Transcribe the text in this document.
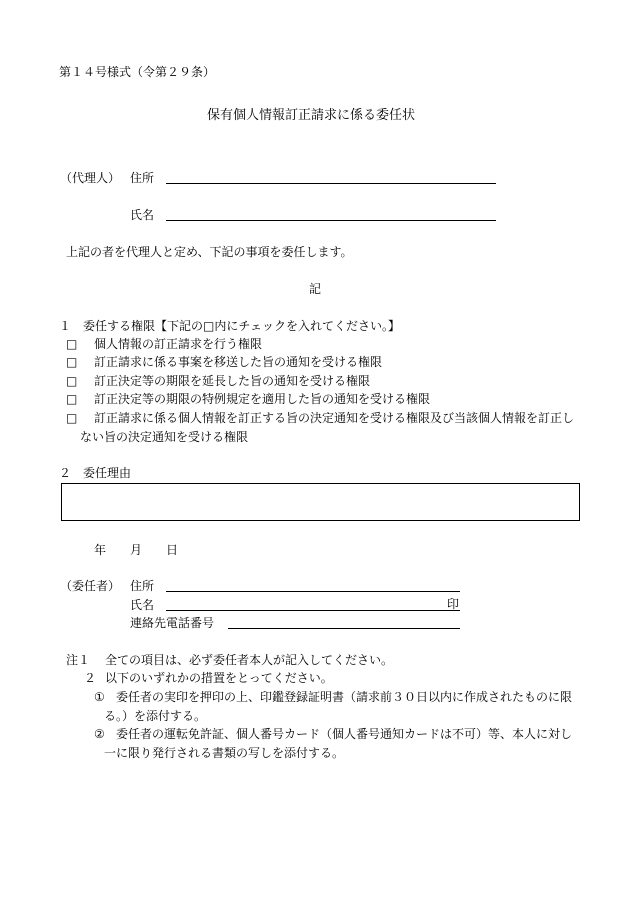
第１４号様式（令第２９条）
保有個人情報訂正請求に係る委任状
（代理人） 住所
氏名
上記の者を代理人と定め、下記の事項を委任します。
記
１　委任する権限【下記の□内にチェックを入れてください。】
□ 個人情報の訂正請求を行う権限
□ 訂正請求に係る事案を移送した旨の通知を受ける権限
□ 訂正決定等の期限を延長した旨の通知を受ける権限
□ 訂正決定等の期限の特例規定を適用した旨の通知を受ける権限
□ 訂正請求に係る個人情報を訂正する旨の決定通知を受ける権限及び当該個人情報を訂正し
ない旨の決定通知を受ける権限
２　委任理由
年 月 日
（委任者） 住所
氏名	印
連絡先電話番号
注１ 全ての項目は、必ず委任者本人が記入してください。
２ 以下のいずれかの措置をとってください。
① 委任者の実印を押印の上、印鑑登録証明書（請求前３０日以内に作成されたものに限
る。）を添付する。
② 委任者の運転免許証、個人番号カード（個人番号通知カードは不可）等、本人に対し
一に限り発行される書類の写しを添付する。
